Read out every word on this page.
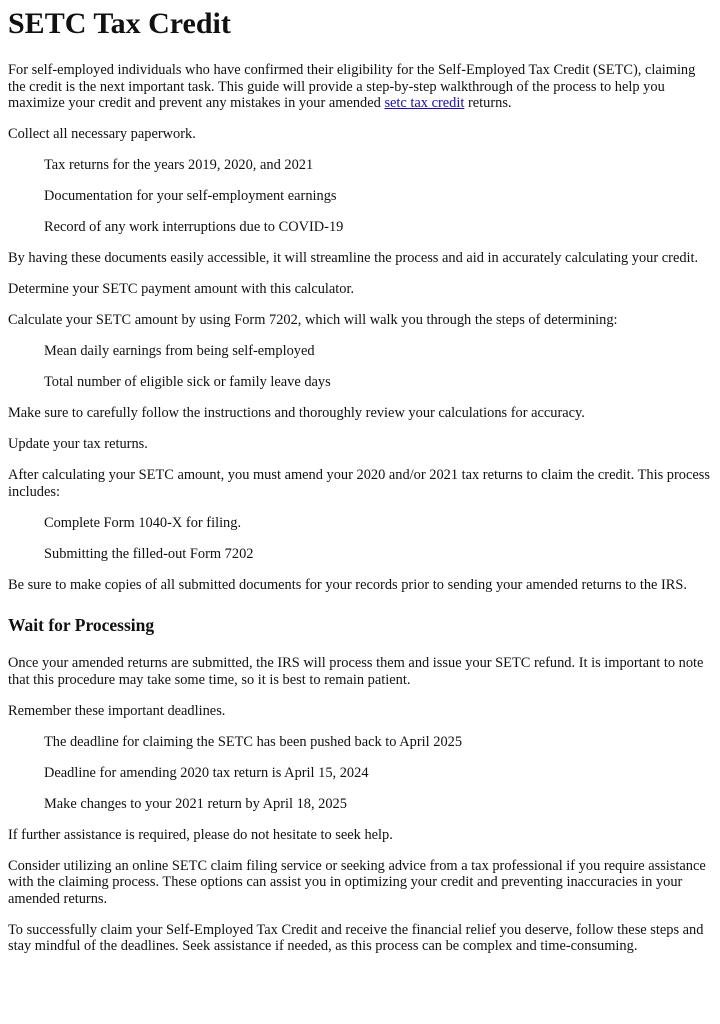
SETC Tax Credit

For self-employed individuals who have confirmed their eligibility for the Self-Employed Tax Credit (SETC), claiming the credit is the next important task. This guide will provide a step-by-step walkthrough of the process to help you maximize your credit and prevent any mistakes in your amended setc tax credit returns.

Collect all necessary paperwork.

Tax returns for the years 2019, 2020, and 2021

Documentation for your self-employment earnings

Record of any work interruptions due to COVID-19

By having these documents easily accessible, it will streamline the process and aid in accurately calculating your credit.

Determine your SETC payment amount with this calculator.

Calculate your SETC amount by using Form 7202, which will walk you through the steps of determining:

Mean daily earnings from being self-employed

Total number of eligible sick or family leave days

Make sure to carefully follow the instructions and thoroughly review your calculations for accuracy.

Update your tax returns.

After calculating your SETC amount, you must amend your 2020 and/or 2021 tax returns to claim the credit. This process includes:

Complete Form 1040-X for filing.

Submitting the filled-out Form 7202

Be sure to make copies of all submitted documents for your records prior to sending your amended returns to the IRS.

Wait for Processing

Once your amended returns are submitted, the IRS will process them and issue your SETC refund. It is important to note that this procedure may take some time, so it is best to remain patient.

Remember these important deadlines.

The deadline for claiming the SETC has been pushed back to April 2025

Deadline for amending 2020 tax return is April 15, 2024

Make changes to your 2021 return by April 18, 2025

If further assistance is required, please do not hesitate to seek help.

Consider utilizing an online SETC claim filing service or seeking advice from a tax professional if you require assistance with the claiming process. These options can assist you in optimizing your credit and preventing inaccuracies in your amended returns.

To successfully claim your Self-Employed Tax Credit and receive the financial relief you deserve, follow these steps and stay mindful of the deadlines. Seek assistance if needed, as this process can be complex and time-consuming.
